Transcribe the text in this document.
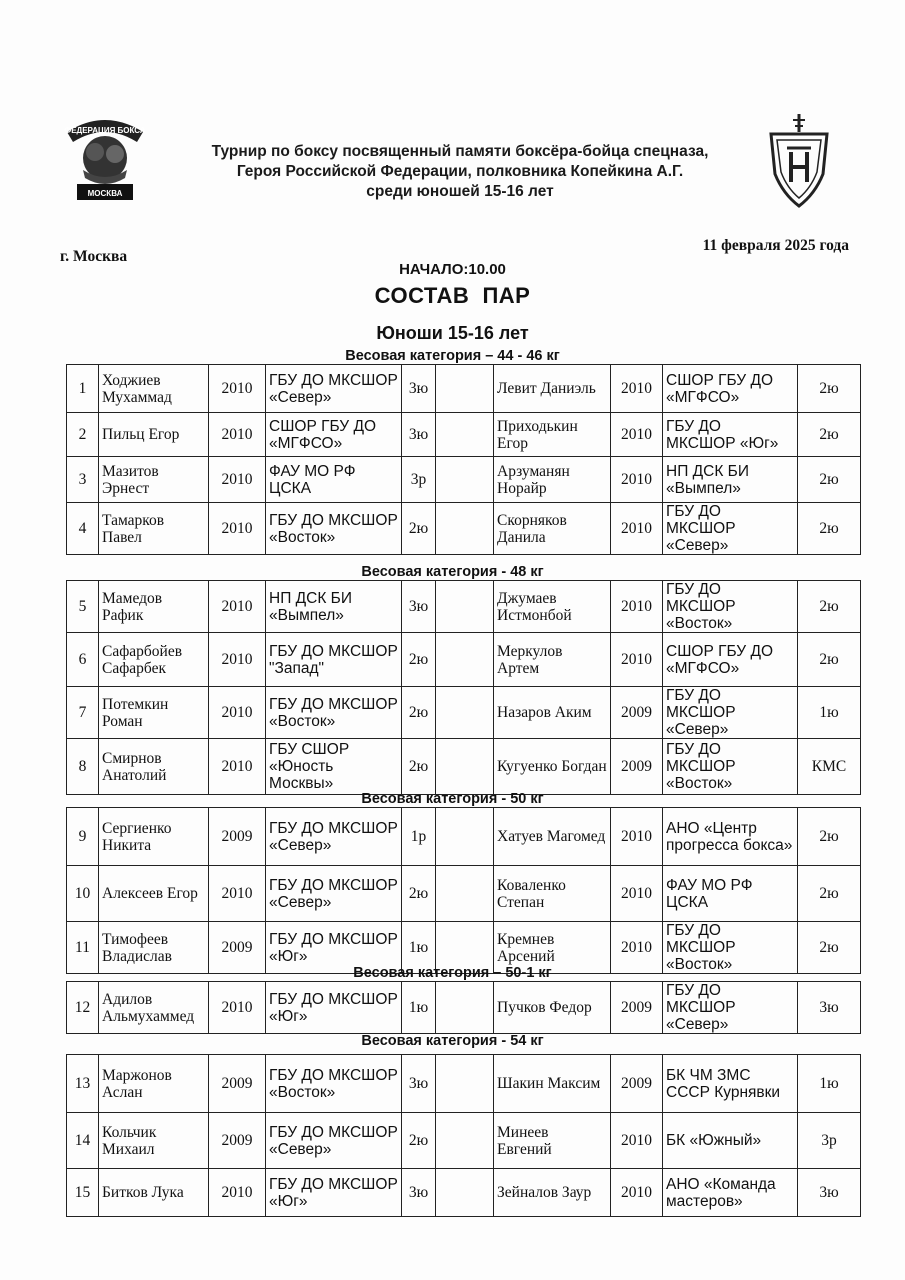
ФЕДЕРАЦИЯ БОКСА
МОСКВА
Турнир по боксу посвященный памяти боксёра-бойца спецназа,
Героя Российской Федерации, полковника Копейкина А.Г.
среди юношей 15-16 лет
г. Москва
11 февраля 2025 года
НАЧАЛО:10.00
СОСТАВ  ПАР
Юноши 15-16 лет
Весовая категория – 44 - 46 кг
1	Ходжиев Мухаммад	2010	ГБУ ДО МКСШОР «Север»	3ю		Левит Даниэль	2010	СШОР ГБУ ДО «МГФСО»	2ю
2	Пильц Егор	2010	СШОР ГБУ ДО «МГФСО»	3ю		Приходькин Егор	2010	ГБУ ДО МКСШОР «Юг»	2ю
3	Мазитов Эрнест	2010	ФАУ МО РФ ЦСКА	3р		Арзуманян Норайр	2010	НП ДСК БИ «Вымпел»	2ю
4	Тамарков Павел	2010	ГБУ ДО МКСШОР «Восток»	2ю		Скорняков Данила	2010	ГБУ ДО МКСШОР «Север»	2ю
Весовая категория - 48 кг
5	Мамедов Рафик	2010	НП ДСК БИ «Вымпел»	3ю		Джумаев Истмонбой	2010	ГБУ ДО МКСШОР «Восток»	2ю
6	Сафарбойев Сафарбек	2010	ГБУ ДО МКСШОР "Запад"	2ю		Меркулов Артем	2010	СШОР ГБУ ДО «МГФСО»	2ю
7	Потемкин Роман	2010	ГБУ ДО МКСШОР «Восток»	2ю		Назаров Аким	2009	ГБУ ДО МКСШОР «Север»	1ю
8	Смирнов Анатолий	2010	ГБУ СШОР «Юность Москвы»	2ю		Кугуенко Богдан	2009	ГБУ ДО МКСШОР «Восток»	КМС
Весовая категория - 50 кг
9	Сергиенко Никита	2009	ГБУ ДО МКСШОР «Север»	1р		Хатуев Магомед	2010	АНО «Центр прогресса бокса»	2ю
10	Алексеев Егор	2010	ГБУ ДО МКСШОР «Север»	2ю		Коваленко Степан	2010	ФАУ МО РФ ЦСКА	2ю
11	Тимофеев Владислав	2009	ГБУ ДО МКСШОР «Юг»	1ю		Кремнев Арсений	2010	ГБУ ДО МКСШОР «Восток»	2ю
Весовая категория – 50-1 кг
12	Адилов Альмухаммед	2010	ГБУ ДО МКСШОР «Юг»	1ю		Пучков Федор	2009	ГБУ ДО МКСШОР «Север»	3ю
Весовая категория - 54 кг
13	Маржонов Аслан	2009	ГБУ ДО МКСШОР «Восток»	3ю		Шакин Максим	2009	БК ЧМ ЗМС СССР Курнявки	1ю
14	Кольчик Михаил	2009	ГБУ ДО МКСШОР «Север»	2ю		Минеев Евгений	2010	БК «Южный»	3р
15	Битков Лука	2010	ГБУ ДО МКСШОР «Юг»	3ю		Зейналов Заур	2010	АНО «Команда мастеров»	3ю
